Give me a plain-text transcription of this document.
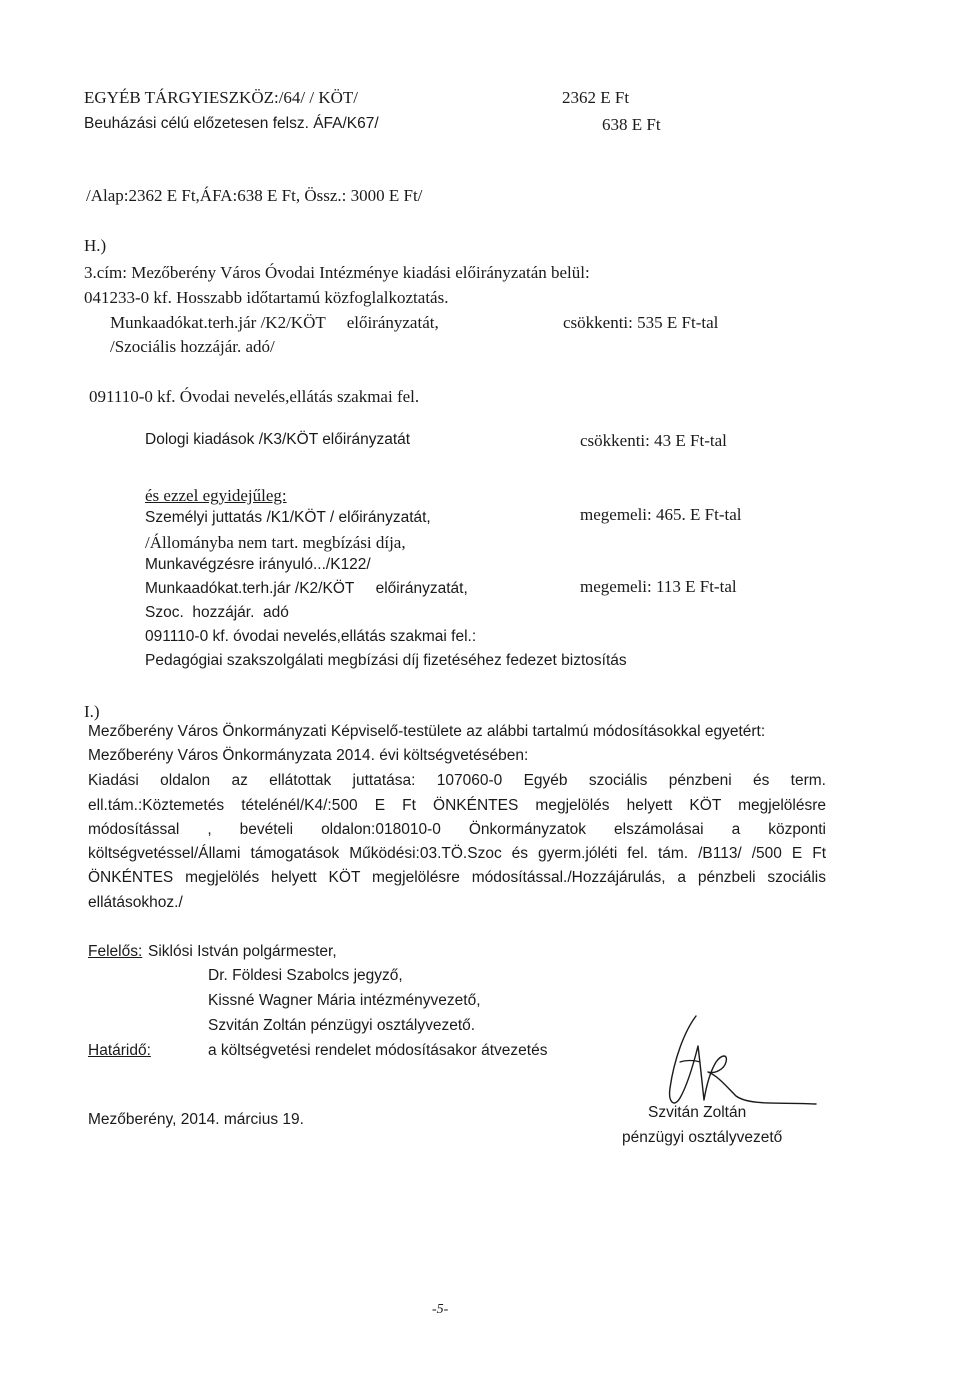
EGYÉB TÁRGYIESZKÖZ:/64/ / KÖT/	2362 E Ft
Beuházási célú előzetesen felsz. ÁFA/K67/	638 E Ft
/Alap:2362 E Ft,ÁFA:638 E Ft, Össz.: 3000 E Ft/
H.)
3.cím: Mezőberény Város Óvodai Intézménye kiadási előirányzatán belül:
041233-0 kf. Hosszabb időtartamú közfoglalkoztatás.
Munkaadókat.terh.jár /K2/KÖT     előirányzatát,	csökkenti: 535 E Ft-tal
/Szociális hozzájár. adó/
091110-0 kf. Óvodai nevelés,ellátás szakmai fel.
Dologi kiadások /K3/KÖT előirányzatát	csökkenti: 43 E Ft-tal
és ezzel egyidejűleg:
Személyi juttatás /K1/KÖT / előirányzatát,	megemeli: 465. E Ft-tal
/Állományba nem tart. megbízási díja,
Munkavégzésre irányuló.../K122/
Munkaadókat.terh.jár /K2/KÖT     előirányzatát,	megemeli: 113 E Ft-tal
Szoc.  hozzájár.  adó
091110-0 kf. óvodai nevelés,ellátás szakmai fel.:
Pedagógiai szakszolgálati megbízási díj fizetéséhez fedezet biztosítás
I.)
Mezőberény Város Önkormányzati Képviselő-testülete az alábbi tartalmú módosításokkal egyetért:
Mezőberény Város Önkormányzata 2014. évi költségvetésében:
Kiadási oldalon az ellátottak juttatása: 107060-0 Egyéb szociális pénzbeni és term.
ell.tám.:Köztemetés tételénél/K4/:500 E Ft ÖNKÉNTES megjelölés helyett KÖT megjelölésre
módosítással , bevételi oldalon:018010-0 Önkormányzatok elszámolásai a központi
költségvetéssel/Állami támogatások Működési:03.TÖ.Szoc és gyerm.jóléti fel. tám. /B113/ /500 E Ft
ÖNKÉNTES megjelölés helyett KÖT megjelölésre módosítással./Hozzájárulás, a pénzbeli szociális
ellátásokhoz./
Felelős: Siklósi István polgármester,
Dr. Földesi Szabolcs jegyző,
Kissné Wagner Mária intézményvezető,
Szvitán Zoltán pénzügyi osztályvezető.
Határidő:	a költségvetési rendelet módosításakor átvezetés
Mezőberény, 2014. március 19.	Szvitán Zoltán
pénzügyi osztályvezető
-5-
